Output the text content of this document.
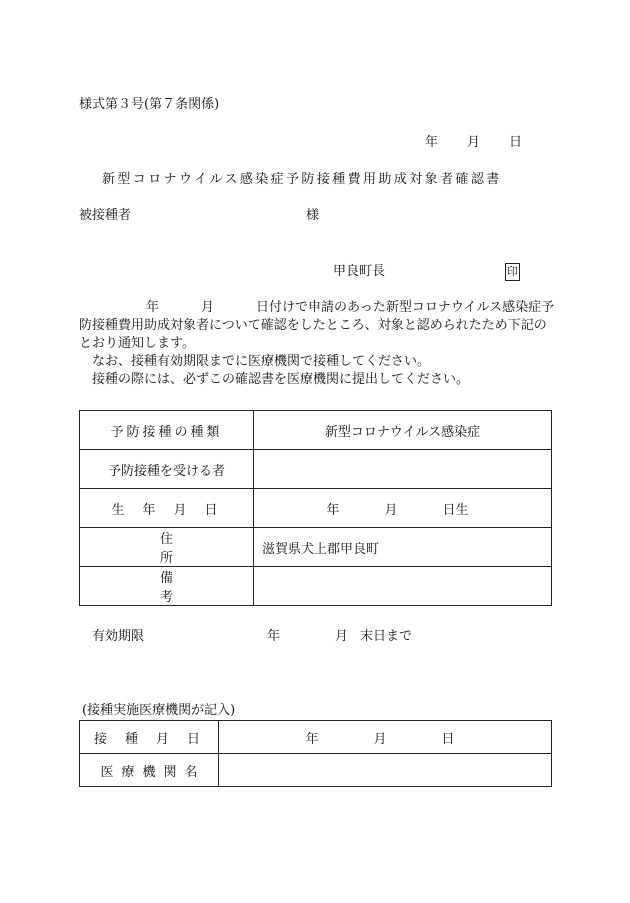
様式第３号(第７条関係)
年 月 日
新型コロナウイルス感染症予防接種費用助成対象者確認書
被接種者	様
甲良町長	印

年	月	日付けで申請のあった新型コロナウイルス感染症予防接種費用助成対象者について確認をしたところ、対象と認められたため下記のとおり通知します。

なお、接種有効期限までに医療機関で接種してください。

接種の際には、必ずこの確認書を医療機関に提出してください。

予防接種の種類	新型コロナウイルス感染症

予防接種を受ける者	

生年月日	年 月 日生

住所	滋賀県犬上郡甲良町

備考	

有効期限	年	月 末日まで
(接種実施医療機関が記入)
接種月日	年 月 日

医療機関名	
